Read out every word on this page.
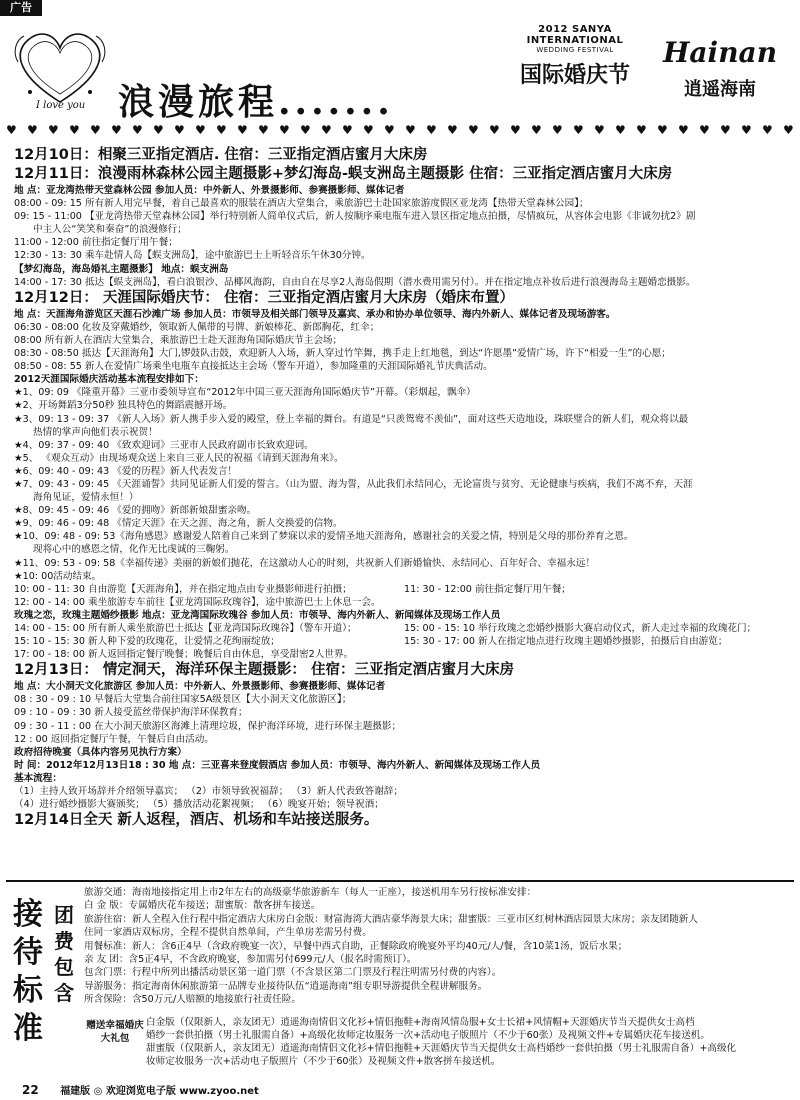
广告
I love you 浪漫旅程.......
2012 SANYA
INTERNATIONAL
WEDDING FESTIVAL
国际婚庆节
Hainan
逍遥海南
♥ ♥ ♥ ♥ ♥ ♥ ♥ ♥ ♥ ♥ ♥ ♥ ♥ ♥ ♥ ♥ ♥ ♥ ♥ ♥ ♥ ♥ ♥ ♥ ♥ ♥ ♥ ♥ ♥ ♥ ♥ ♥ ♥ ♥ ♥ ♥ ♥ ♥
12月10日：相聚三亚指定酒店. 住宿：三亚指定酒店蜜月大床房
12月11日：浪漫雨林森林公园主题摄影+梦幻海岛-蜈支洲岛主题摄影 住宿：三亚指定酒店蜜月大床房
地 点：亚龙湾热带天堂森林公园 参加人员：中外新人、外景摄影师、参赛摄影师、媒体记者
08:00 - 09: 15 所有新人用完早餐，着自己最喜欢的服装在酒店大堂集合，乘旅游巴士赴国家旅游度假区亚龙湾【热带天堂森林公园】；
09: 15 - 11:00 【亚龙湾热带天堂森林公园】举行特别新人简单仪式后，新人按顺序乘电瓶车进入景区指定地点拍摄，尽情疯玩，从容体会电影《非诚勿扰2》剧
中主人公“笑笑和秦奋”的浪漫修行；
11:00 - 12:00 前往指定餐厅用午餐；
12:30 - 13: 30 乘车赴情人岛【蜈支洲岛】，途中旅游巴士上听轻音乐午休30分钟。
【梦幻海岛，海岛婚礼主题摄影】 地点：蜈支洲岛
14:00 - 17: 30 抵达【蜈支洲岛】，看白浪银沙、品椰风海韵，自由自在尽享2人海岛假期（潜水费用需另付）。并在指定地点补妆后进行浪漫海岛主题婚恋摄影。
12月12日： 天涯国际婚庆节： 住宿：三亚指定酒店蜜月大床房（婚床布置）
地 点：天涯海角游览区天涯石沙滩广场 参加人员：市领导及相关部门领导及嘉宾、承办和协办单位领导、海内外新人、媒体记者及现场游客。
06:30 - 08:00 化妆及穿戴婚纱，领取新人佩带的号牌、新娘棒花、新郎胸花，红伞；
08:00 所有新人在酒店大堂集合，乘旅游巴士赴天涯海角国际婚庆节主会场；
08:30 - 08:50 抵达【天涯海角】大门,锣鼓队击鼓，欢迎新人入场，新人穿过竹竿舞，携手走上红地毯，到达“许愿墨”爱情广场，许下“相爱一生”的心愿；
08:50 - 08: 55 新人在爱情广场乘坐电瓶车直接抵达主会场（警车开道），参加隆重的天涯国际婚礼节庆典活动。
2012天涯国际婚庆活动基本流程安排如下：
★1、09: 09 《隆重开幕》三亚市委领导宣布“2012年中国三亚天涯海角国际婚庆节”开幕。（彩烟起，飘伞）
★2、开场舞蹈3分50秒 独具特色的舞蹈震撼开场。
★3、09: 13 - 09: 37 《新人入场》新人携手步入爱的殿堂，登上幸福的舞台。有道是“只羡鸳鸯不羡仙”，面对这些天造地设，珠联璧合的新人们，观众将以最
热情的掌声向他们表示祝贺！
★4、09: 37 - 09: 40 《致欢迎词》三亚市人民政府副市长致欢迎词。
★5、 《观众互动》由现场观众送上来自三亚人民的祝福《请到天涯海角来》。
★6、09: 40 - 09: 43 《爱的历程》新人代表发言！
★7、09: 43 - 09: 45 《天涯诵誓》共同见证新人们爱的誓言。（山为盟、海为誓，从此我们永结同心，无论富贵与贫穷、无论健康与疾病，我们不离不弃，天涯
海角见证，爱情永恒！）
★8、09: 45 - 09: 46 《爱的拥吻》新郎新娘甜蜜亲吻。
★9、09: 46 - 09: 48 《情定天涯》在天之涯、海之角，新人交换爱的信物。
★10、09: 48 - 09: 53《海角感恩》感谢爱人陪着自己来到了梦寐以求的爱情圣地天涯海角，感谢社会的关爱之情，特别是父母的那份养育之恩。
现将心中的感恩之情，化作无比虔诚的三鞠躬。
★11、09: 53 - 09: 58《幸福传递》美丽的新娘们抛花，在这激动人心的时刻，共祝新人们新婚愉快、永结同心、百年好合、幸福永远！
★10: 00活动结束。
10: 00 - 11: 30 自由游览【天涯海角】，并在指定地点由专业摄影师进行拍摄；	11: 30 - 12:00 前往指定餐厅用午餐；
12: 00 - 14: 00 乘坐旅游专车前往【亚龙湾国际玫瑰谷】，途中旅游巴士上休息一会。
玫瑰之恋，玫瑰主题婚纱摄影 地点：亚龙湾国际玫瑰谷 参加人员：市领导、海内外新人、新闻媒体及现场工作人员
14: 00 - 15: 00 所有新人乘坐旅游巴士抵达【亚龙湾国际玫瑰谷】（警车开道）；	15: 00 - 15: 10 举行玫瑰之恋婚纱摄影大赛启动仪式，新人走过幸福的玫瑰花门；
15: 10 - 15: 30 新人种下爱的玫瑰花，让爱情之花绚丽绽放；	15: 30 - 17: 00 新人在指定地点进行玫瑰主题婚纱摄影，拍摄后自由游览；
17: 00 - 18: 00 新人返回指定餐厅晚餐；晚餐后自由休息，享受甜密2人世界。
12月13日： 情定洞天，海洋环保主题摄影： 住宿：三亚指定酒店蜜月大床房
地 点：大小洞天文化旅游区 参加人员：中外新人、外景摄影师、参赛摄影师、媒体记者
08 : 30 - 09 : 10 早餐后大堂集合前往国家5A级景区【大小洞天文化旅游区】；
09 : 10 - 09 : 30 新人接受蓝丝带保护海洋环保教育；
09 : 30 - 11 : 00 在大小洞天旅游区海滩上清理垃圾，保护海洋环境，进行环保主题摄影；
12 : 00 返回指定餐厅午餐，午餐后自由活动。
政府招待晚宴（具体内容另见执行方案）
时 间：2012年12月13日18 : 30 地 点：三亚喜来登度假酒店 参加人员：市领导、海内外新人、新闻媒体及现场工作人员
基本流程：
（1）主持人致开场辞并介绍领导嘉宾； （2）市领导致祝福辞； （3）新人代表致答谢辞；
（4）进行婚纱摄影大赛颁奖； （5）播放活动花絮视频； （6）晚宴开始；领导祝酒；
12月14日全天 新人返程，酒店、机场和车站接送服务。
接待标准
团费包含
旅游交通：海南地接指定用上市2年左右的高级豪华旅游新车（每人一正座），接送机用车另行按标准安排：
白 金 版：专属婚庆花车接送；甜蜜版：散客拼车接送。
旅游住宿：新人全程入住行程中指定酒店大床房白金版：财富海湾大酒店豪华海景大床；甜蜜版：三亚市区红树林酒店园景大床房；亲友团随新人
住同一家酒店双标房，全程不提供自然单间，产生单房差需另付费。
用餐标准：新人：含6正4早（含政府晚宴一次），早餐中西式自助，正餐除政府晚宴外平均40元/人/餐，含10菜1汤，饭后水果；
亲 友 团：含5正4早，不含政府晚宴，参加需另付699元/人（报名时需预订）。
包含门票：行程中所列出播活动景区第一道门票（不含景区第二门票及行程注明需另付费的内容）。
导游服务：指定海南休闲旅游第一品牌专业接待队伍“逍遥海南”组专职导游提供全程讲解服务。
所含保险：含50万元/人赔额的地接旅行社责任险。
赠送幸福婚庆大礼包
白金版（仅限新人，亲友团无）逍遥海南情侣文化衫+情侣拖鞋+海南风情岛服+女士长裙+风情帽+天涯婚庆节当天提供女士高档
婚纱一套供拍摄（男士礼服需自备）+高级化妆师定妆服务一次+活动电子版照片（不少于60张）及视频文件+专属婚庆花车接送机。
甜蜜版（仅限新人，亲友团无）逍遥海南情侣文化衫+情侣拖鞋+天涯婚庆节当天提供女士高档婚纱一套供拍摄（男士礼服需自备）+高级化
妆师定妆服务一次+活动电子版照片（不少于60张）及视频文件+散客拼车接送机。
22 福建版 ◎ 欢迎浏览电子版 www.zyoo.net
